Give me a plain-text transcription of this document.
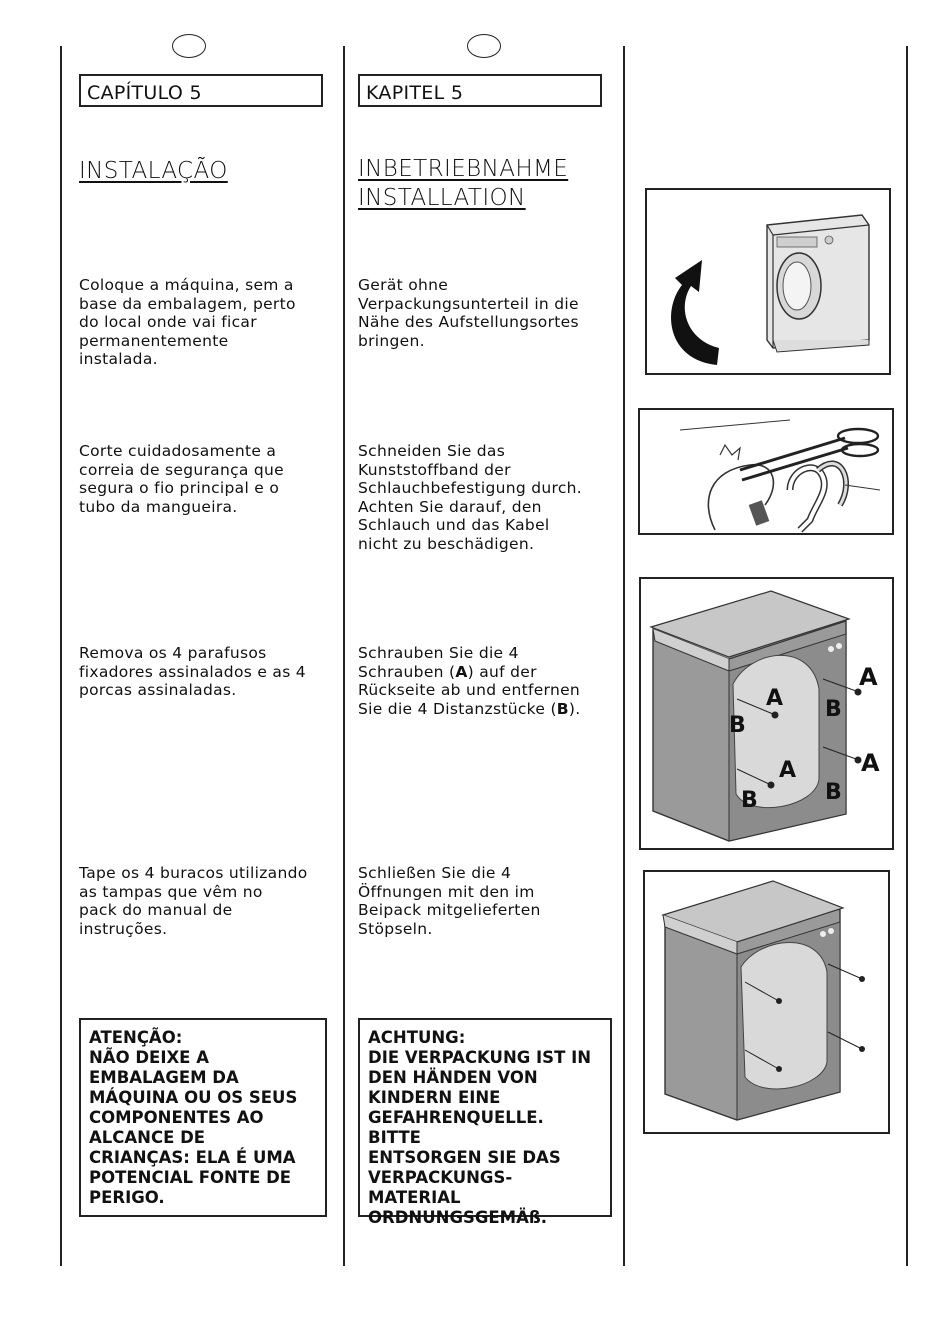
CAPÍTULO 5
INSTALAÇÃO
Coloque a máquina, sem a
base da embalagem, perto
do local onde vai ficar
permanentemente
instalada.
Corte cuidadosamente a
correia de segurança que
segura o fio principal e o
tubo da mangueira.
Remova os 4 parafusos
fixadores assinalados e as 4
porcas assinaladas.
Tape os 4 buracos utilizando
as tampas que vêm no
pack do manual de
instruções.
ATENÇÃO:
NÃO DEIXE A
EMBALAGEM DA
MÁQUINA OU OS SEUS
COMPONENTES AO
ALCANCE DE
CRIANÇAS: ELA É UMA
POTENCIAL FONTE DE
PERIGO.
KAPITEL 5
INBETRIEBNAHME
INSTALLATION
Gerät ohne
Verpackungsunterteil in die
Nähe des Aufstellungsortes
bringen.
Schneiden Sie das
Kunststoffband der
Schlauchbefestigung durch.
Achten Sie darauf, den
Schlauch und das Kabel
nicht zu beschädigen.
Schrauben Sie die 4
Schrauben (A) auf der
Rückseite ab und entfernen
Sie die 4 Distanzstücke (B).
Schließen Sie die 4
Öffnungen mit den im
Beipack mitgelieferten
Stöpseln.
ACHTUNG:
DIE VERPACKUNG IST IN
DEN HÄNDEN VON
KINDERN EINE
GEFAHRENQUELLE. BITTE
ENTSORGEN SIE DAS
VERPACKUNGS-
MATERIAL
ORDNUNGSGEMÄß.
A
B
A
B
A
B
A
B
